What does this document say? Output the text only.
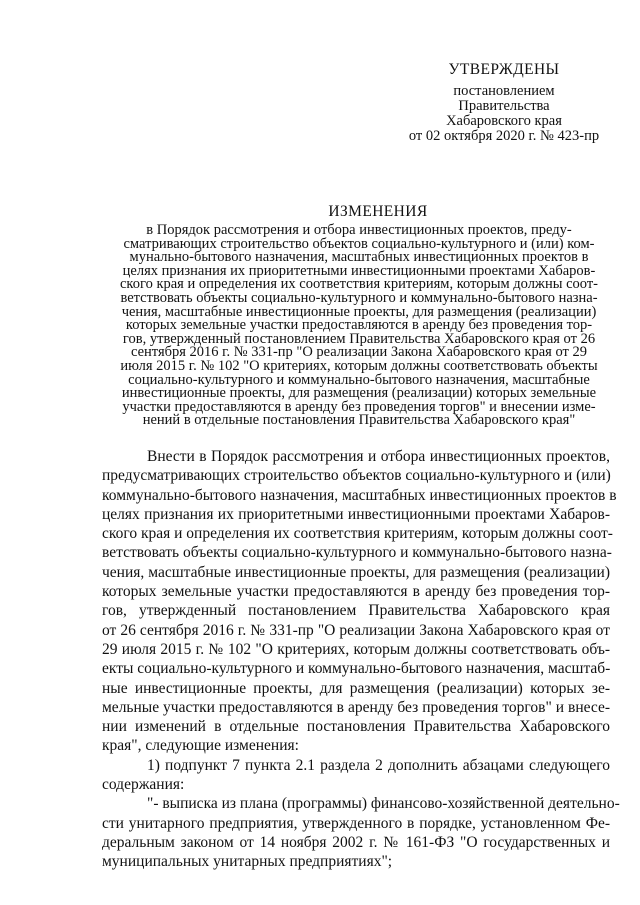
УТВЕРЖДЕНЫ
постановлением
Правительства
Хабаровского края
от 02 октября 2020 г. № 423-пр
ИЗМЕНЕНИЯ
в Порядок рассмотрения и отбора инвестиционных проектов, преду-
сматривающих строительство объектов социально-культурного и (или) ком-
мунально-бытового назначения, масштабных инвестиционных проектов в
целях признания их приоритетными инвестиционными проектами Хабаров-
ского края и определения их соответствия критериям, которым должны соот-
ветствовать объекты социально-культурного и коммунально-бытового назна-
чения, масштабные инвестиционные проекты, для размещения (реализации)
которых земельные участки предоставляются в аренду без проведения тор-
гов, утвержденный постановлением Правительства Хабаровского края от 26
сентября 2016 г. № 331-пр "О реализации Закона Хабаровского края от 29
июля 2015 г. № 102 "О критериях, которым должны соответствовать объекты
социально-культурного и коммунально-бытового назначения, масштабные
инвестиционные проекты, для размещения (реализации) которых земельные
участки предоставляются в аренду без проведения торгов" и внесении изме-
нений в отдельные постановления Правительства Хабаровского края"
Внести в Порядок рассмотрения и отбора инвестиционных проектов,
предусматривающих строительство объектов социально-культурного и (или)
коммунально-бытового назначения, масштабных инвестиционных проектов в
целях признания их приоритетными инвестиционными проектами Хабаров-
ского края и определения их соответствия критериям, которым должны соот-
ветствовать объекты социально-культурного и коммунально-бытового назна-
чения, масштабные инвестиционные проекты, для размещения (реализации)
которых земельные участки предоставляются в аренду без проведения тор-
гов, утвержденный постановлением Правительства Хабаровского края
от 26 сентября 2016 г. № 331-пр "О реализации Закона Хабаровского края от
29 июля 2015 г. № 102 "О критериях, которым должны соответствовать объ-
екты социально-культурного и коммунально-бытового назначения, масштаб-
ные инвестиционные проекты, для размещения (реализации) которых зе-
мельные участки предоставляются в аренду без проведения торгов" и внесе-
нии изменений в отдельные постановления Правительства Хабаровского
края", следующие изменения:
1) подпункт 7 пункта 2.1 раздела 2 дополнить абзацами следующего
содержания:
"- выписка из плана (программы) финансово-хозяйственной деятельно-
сти унитарного предприятия, утвержденного в порядке, установленном Фе-
деральным законом от 14 ноября 2002 г. № 161-ФЗ "О государственных и
муниципальных унитарных предприятиях";
